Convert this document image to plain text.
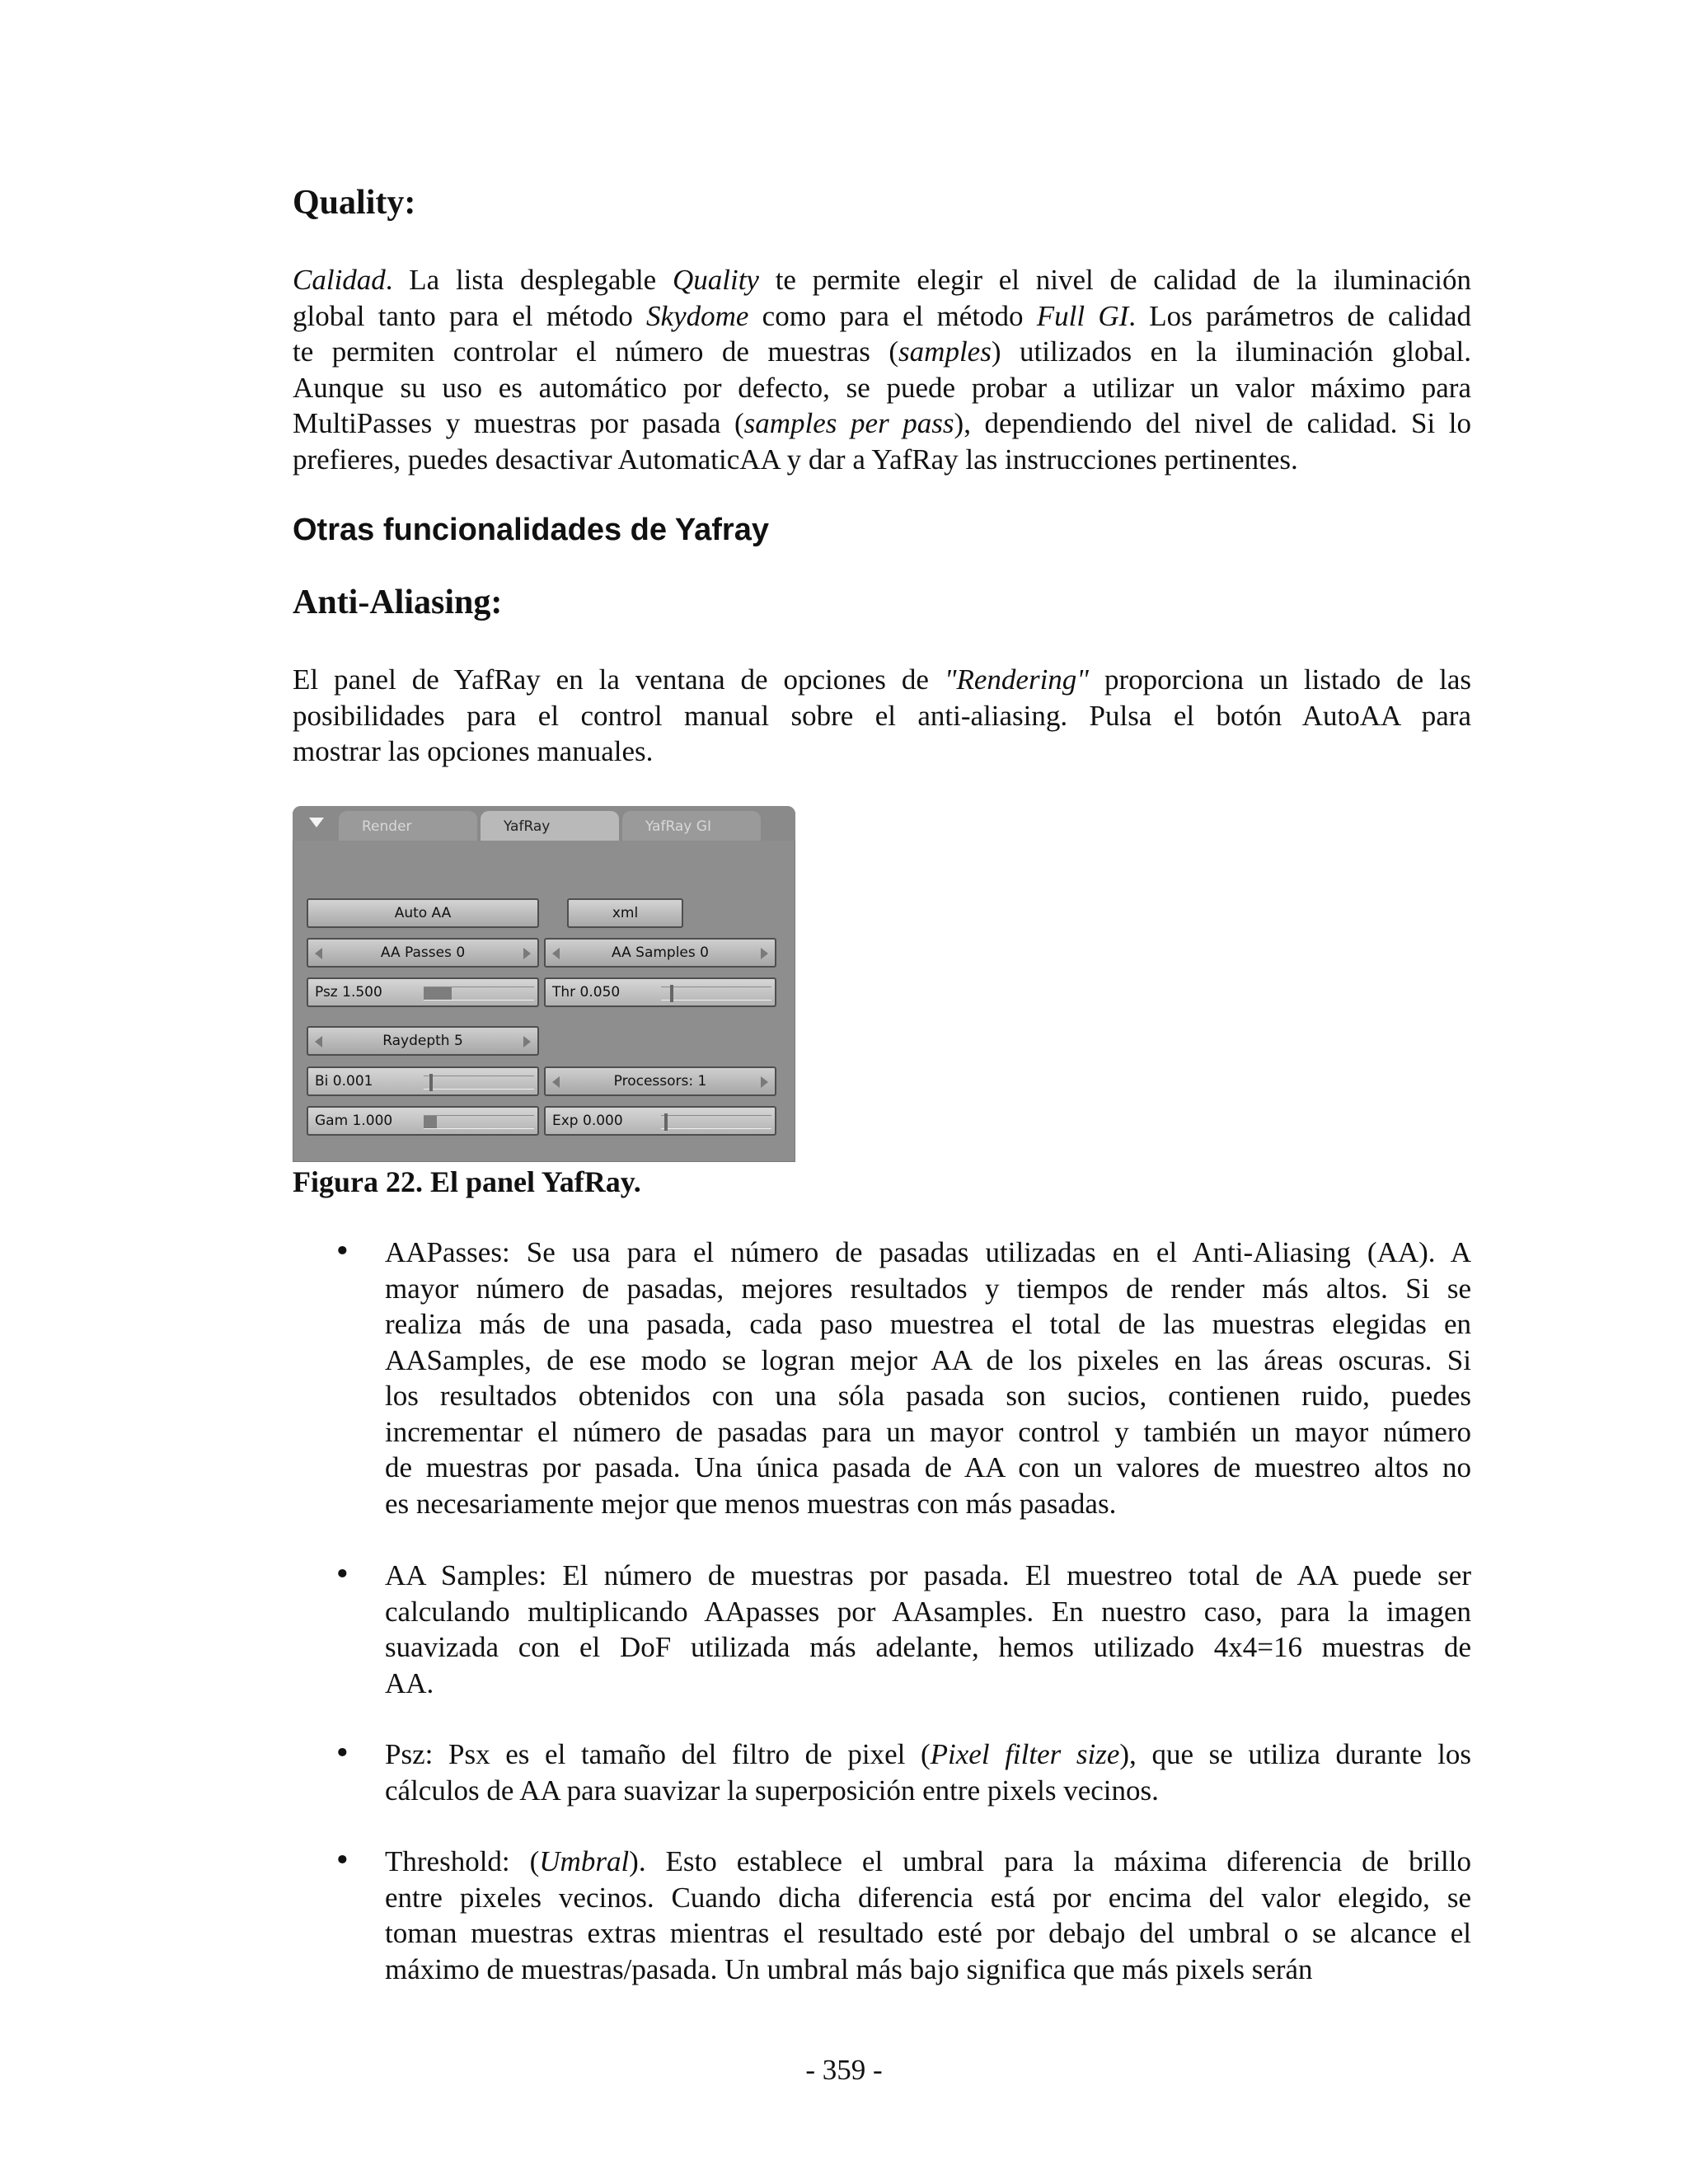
Quality:
Calidad. La lista desplegable Quality te permite elegir el nivel de calidad de la iluminación
global tanto para el método Skydome como para el método Full GI. Los parámetros de calidad
te permiten controlar el número de muestras (samples) utilizados en la iluminación global.
Aunque su uso es automático por defecto, se puede probar a utilizar un valor máximo para
MultiPasses y muestras por pasada (samples per pass), dependiendo del nivel de calidad. Si lo
prefieres, puedes desactivar AutomaticAA y dar a YafRay las instrucciones pertinentes.
Otras funcionalidades de Yafray
Anti-Aliasing:
El panel de YafRay en la ventana de opciones de "Rendering" proporciona un listado de las
posibilidades para el control manual sobre el anti-aliasing. Pulsa el botón AutoAA para
mostrar las opciones manuales.
Render	YafRay	YafRay GI
Auto AA	xml
AA Passes 0	AA Samples 0
Psz 1.500	Thr 0.050
Raydepth 5
Bi 0.001	Processors: 1
Gam 1.000	Exp 0.000

Figura 22. El panel YafRay.

• AAPasses: Se usa para el número de pasadas utilizadas en el Anti-Aliasing (AA). A
mayor número de pasadas, mejores resultados y tiempos de render más altos. Si se
realiza más de una pasada, cada paso muestrea el total de las muestras elegidas en
AASamples, de ese modo se logran mejor AA de los pixeles en las áreas oscuras. Si
los resultados obtenidos con una sóla pasada son sucios, contienen ruido, puedes
incrementar el número de pasadas para un mayor control y también un mayor número
de muestras por pasada. Una única pasada de AA con un valores de muestreo altos no
es necesariamente mejor que menos muestras con más pasadas.
• AA Samples: El número de muestras por pasada. El muestreo total de AA puede ser
calculando multiplicando AApasses por AAsamples. En nuestro caso, para la imagen
suavizada con el DoF utilizada más adelante, hemos utilizado 4x4=16 muestras de
AA.
• Psz: Psx es el tamaño del filtro de pixel (Pixel filter size), que se utiliza durante los
cálculos de AA para suavizar la superposición entre pixels vecinos.
• Threshold: (Umbral). Esto establece el umbral para la máxima diferencia de brillo
entre pixeles vecinos. Cuando dicha diferencia está por encima del valor elegido, se
toman muestras extras mientras el resultado esté por debajo del umbral o se alcance el
máximo de muestras/pasada. Un umbral más bajo significa que más pixels serán
- 359 -
